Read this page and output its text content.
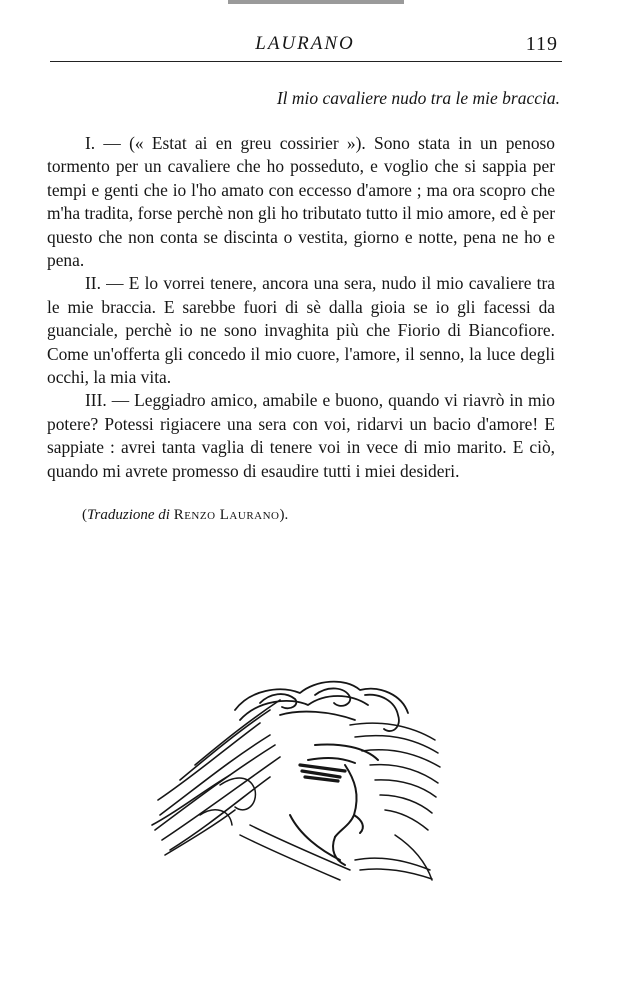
LAURANO	119
Il mio cavaliere nudo tra le mie braccia.

I. — (« Estat ai en greu cossirier »). Sono stata in un penoso tormento per un cavaliere che ho posseduto, e voglio che si sappia per tempi e genti che io l'ho amato con eccesso d'amore ; ma ora scopro che m'ha tradita, forse perchè non gli ho tributato tutto il mio amore, ed è per questo che non conta se discinta o vestita, giorno e notte, pena ne ho e pena.

II. — E lo vorrei tenere, ancora una sera, nudo il mio cavaliere tra le mie braccia. E sarebbe fuori di sè dalla gioia se io gli facessi da guanciale, perchè io ne sono invaghita più che Fiorio di Biancofiore. Come un'offerta gli concedo il mio cuore, l'amore, il senno, la luce degli occhi, la mia vita.

III. — Leggiadro amico, amabile e buono, quando vi riavrò in mio potere? Potessi rigiacere una sera con voi, ridarvi un bacio d'amore! E sappiate : avrei tanta vaglia di tenere voi in vece di mio marito. E ciò, quando mi avrete promesso di esaudire tutti i miei desideri.

(Traduzione di Renzo Laurano).
